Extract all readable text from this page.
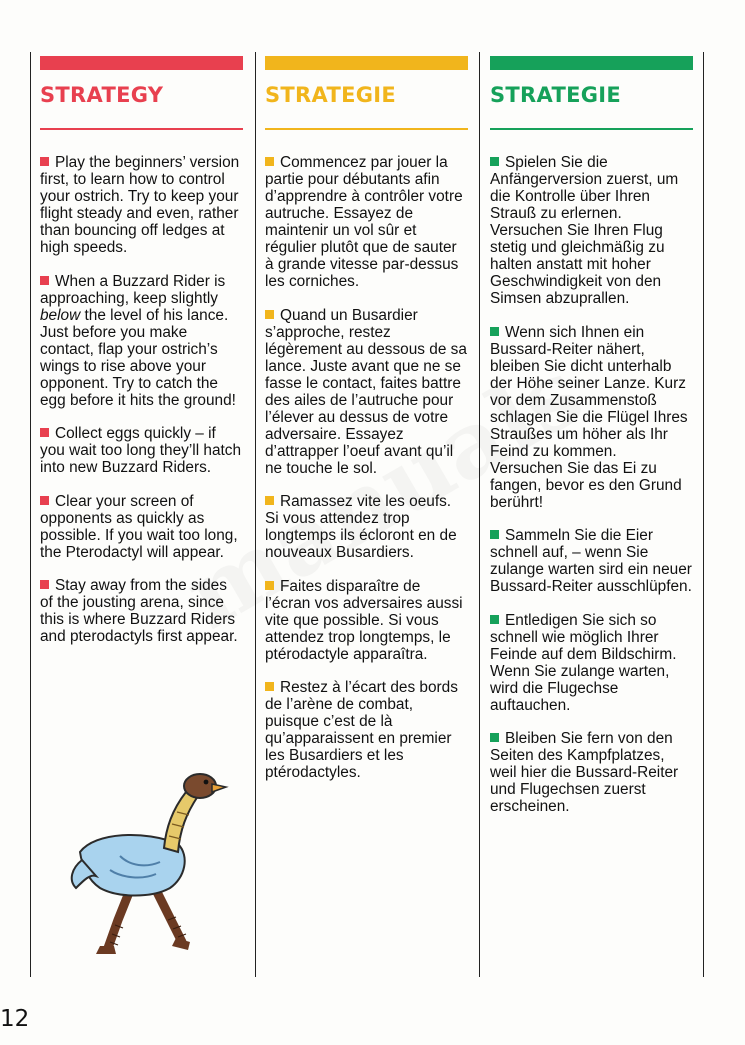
STRATEGY

Play the beginners’ version first, to learn how to control your ostrich. Try to keep your flight steady and even, rather than bouncing off ledges at high speeds.

When a Buzzard Rider is approaching, keep slightly below the level of his lance. Just before you make contact, flap your ostrich’s wings to rise above your opponent. Try to catch the egg before it hits the ground!

Collect eggs quickly – if you wait too long they’ll hatch into new Buzzard Riders.

Clear your screen of opponents as quickly as possible. If you wait too long, the Pterodactyl will appear.

Stay away from the sides of the jousting arena, since this is where Buzzard Riders and pterodactyls first appear.

STRATEGIE

Commencez par jouer la partie pour débutants afin d’apprendre à contrôler votre autruche. Essayez de maintenir un vol sûr et régulier plutôt que de sauter à grande vitesse par-dessus les corniches.

Quand un Busardier s’approche, restez légèrement au dessous de sa lance. Juste avant que ne se fasse le contact, faites battre des ailes de l’autruche pour l’élever au dessus de votre adversaire. Essayez d’attrapper l’oeuf avant qu’il ne touche le sol.

Ramassez vite les oeufs. Si vous attendez trop longtemps ils écloront en de nouveaux Busardiers.

Faites disparaître de l’écran vos adversaires aussi vite que possible. Si vous attendez trop longtemps, le ptérodactyle apparaîtra.

Restez à l’écart des bords de l’arène de combat, puisque c’est de là qu’apparaissent en premier les Busardiers et les ptérodactyles.

STRATEGIE

Spielen Sie die Anfängerversion zuerst, um die Kontrolle über Ihren Strauß zu erlernen. Versuchen Sie Ihren Flug stetig und gleichmäßig zu halten anstatt mit hoher Geschwindigkeit von den Simsen abzuprallen.

Wenn sich Ihnen ein Bussard-Reiter nähert, bleiben Sie dicht unterhalb der Höhe seiner Lanze. Kurz vor dem Zusammenstoß schlagen Sie die Flügel Ihres Straußes um höher als Ihr Feind zu kommen. Versuchen Sie das Ei zu fangen, bevor es den Grund berührt!

Sammeln Sie die Eier schnell auf, – wenn Sie zulange warten sird ein neuer Bussard-Reiter ausschlüpfen.

Entledigen Sie sich so schnell wie möglich Ihrer Feinde auf dem Bildschirm. Wenn Sie zulange warten, wird die Flugechse auftauchen.

Bleiben Sie fern von den Seiten des Kampfplatzes, weil hier die Bussard-Reiter und Flugechsen zuerst erscheinen.

12
